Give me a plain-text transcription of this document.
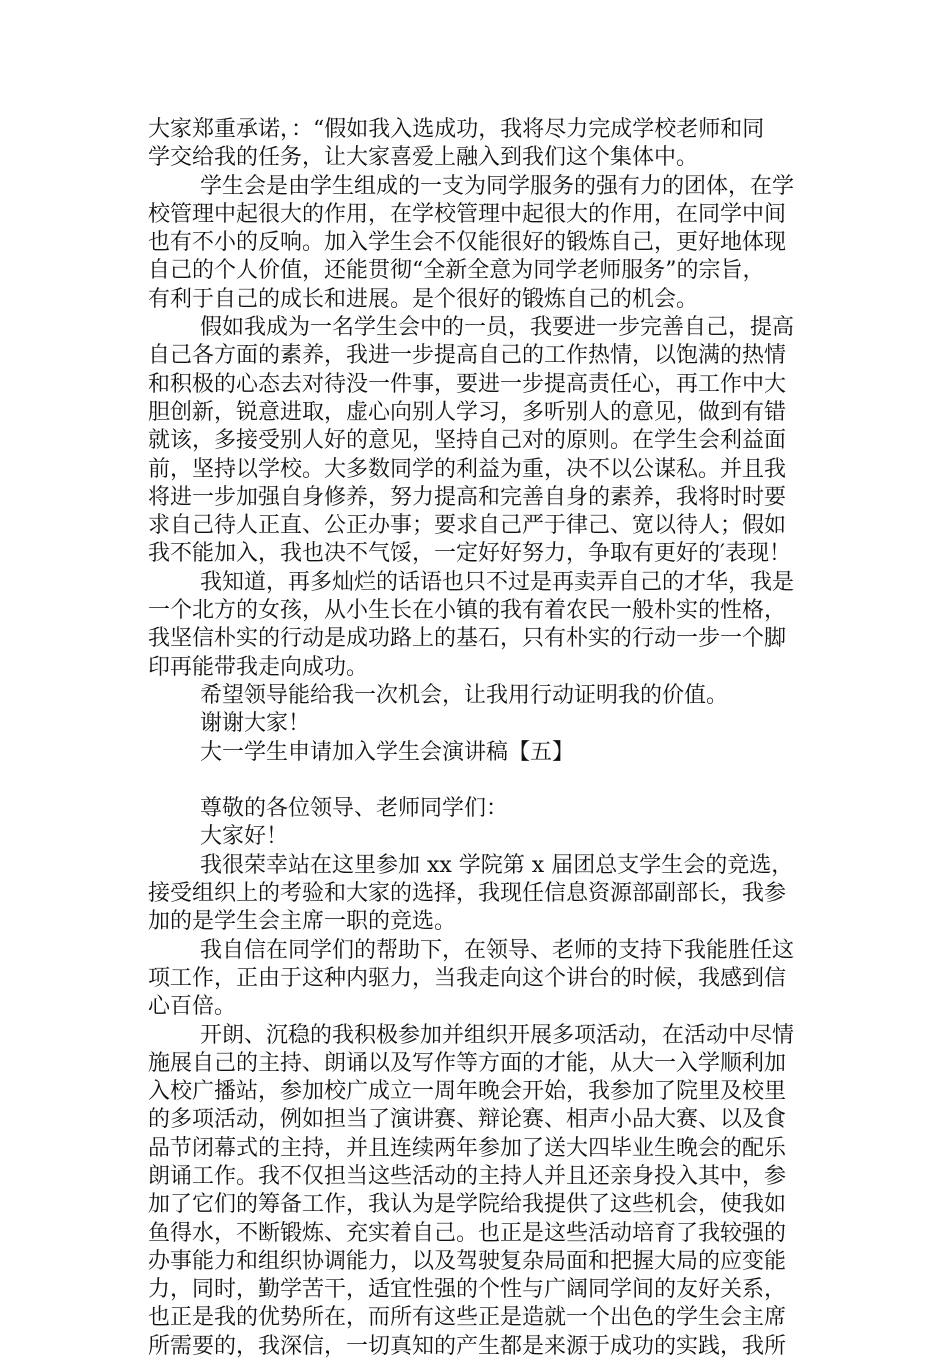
大家郑重承诺，：“假如我入选成功，我将尽力完成学校老师和同
学交给我的任务，让大家喜爱上融入到我们这个集体中。
学生会是由学生组成的一支为同学服务的强有力的团体，在学
校管理中起很大的作用，在学校管理中起很大的作用，在同学中间
也有不小的反响。加入学生会不仅能很好的锻炼自己，更好地体现
自己的个人价值，还能贯彻“全新全意为同学老师服务”的宗旨，
有利于自己的成长和进展。是个很好的锻炼自己的机会。
假如我成为一名学生会中的一员，我要进一步完善自己，提高
自己各方面的素养，我进一步提高自己的工作热情，以饱满的热情
和积极的心态去对待没一件事，要进一步提高责任心，再工作中大
胆创新，锐意进取，虚心向别人学习，多听别人的意见，做到有错
就该，多接受别人好的意见，坚持自己对的原则。在学生会利益面
前，坚持以学校。大多数同学的利益为重，决不以公谋私。并且我
将进一步加强自身修养，努力提高和完善自身的素养，我将时时要
求自己待人正直、公正办事；要求自己严于律己、宽以待人；假如
我不能加入，我也决不气馁，一定好好努力，争取有更好的′表现！
我知道，再多灿烂的话语也只不过是再卖弄自己的才华，我是
一个北方的女孩，从小生长在小镇的我有着农民一般朴实的性格，
我坚信朴实的行动是成功路上的基石，只有朴实的行动一步一个脚
印再能带我走向成功。
希望领导能给我一次机会，让我用行动证明我的价值。
谢谢大家！
大一学生申请加入学生会演讲稿【五】
尊敬的各位领导、老师同学们：
大家好！
我很荣幸站在这里参加 xx 学院第 x 届团总支学生会的竞选，
接受组织上的考验和大家的选择，我现任信息资源部副部长，我参
加的是学生会主席一职的竞选。
我自信在同学们的帮助下，在领导、老师的支持下我能胜任这
项工作，正由于这种内驱力，当我走向这个讲台的时候，我感到信
心百倍。
开朗、沉稳的我积极参加并组织开展多项活动，在活动中尽情
施展自己的主持、朗诵以及写作等方面的才能，从大一入学顺利加
入校广播站，参加校广成立一周年晚会开始，我参加了院里及校里
的多项活动，例如担当了演讲赛、辩论赛、相声小品大赛、以及食
品节闭幕式的主持，并且连续两年参加了送大四毕业生晚会的配乐
朗诵工作。我不仅担当这些活动的主持人并且还亲身投入其中，参
加了它们的筹备工作，我认为是学院给我提供了这些机会，使我如
鱼得水，不断锻炼、充实着自己。也正是这些活动培育了我较强的
办事能力和组织协调能力，以及驾驶复杂局面和把握大局的应变能
力，同时，勤学苦干，适宜性强的个性与广阔同学间的友好关系，
也正是我的优势所在，而所有这些正是造就一个出色的学生会主席
所需要的，我深信，一切真知的产生都是来源于成功的实践，我所
